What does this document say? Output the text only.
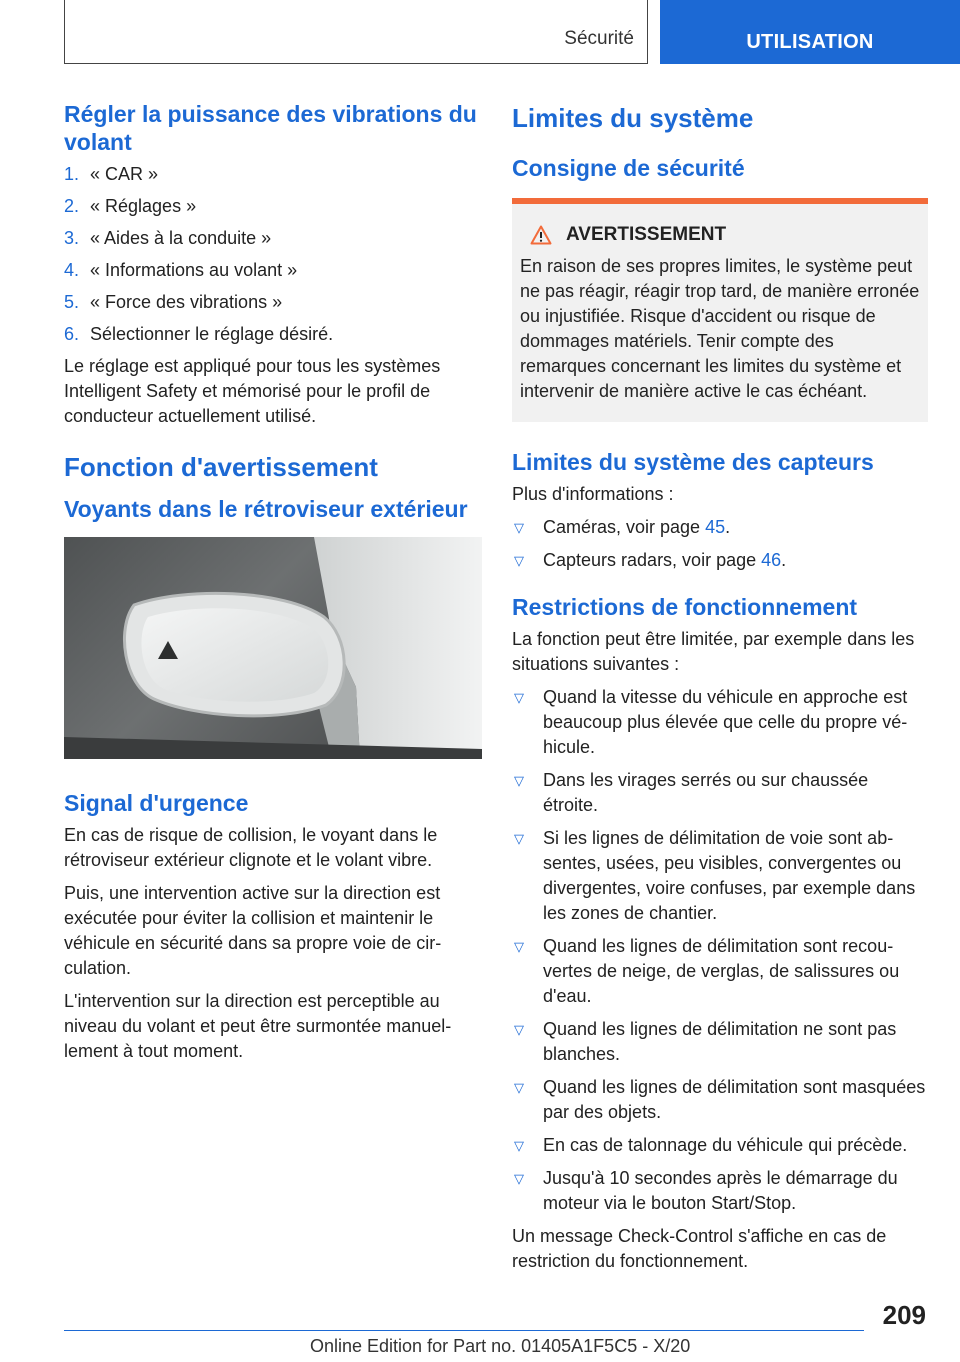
Sécurité	UTILISATION
Régler la puissance des vibrations du volant
1. « CAR »
2. « Réglages »
3. « Aides à la conduite »
4. « Informations au volant »
5. « Force des vibrations »
6. Sélectionner le réglage désiré.

Le réglage est appliqué pour tous les systèmes Intelligent Safety et mémorisé pour le profil de conducteur actuellement utilisé.

Fonction d'avertissement
Voyants dans le rétroviseur extérieur
Signal d'urgence

En cas de risque de collision, le voyant dans le rétroviseur extérieur clignote et le volant vibre.

Puis, une intervention active sur la direction est exécutée pour éviter la collision et maintenir le véhicule en sécurité dans sa propre voie de circulation.

L'intervention sur la direction est perceptible au niveau du volant et peut être surmontée manuellement à tout moment.

Limites du système
Consigne de sécurité
AVERTISSEMENT
En raison de ses propres limites, le système peut ne pas réagir, réagir trop tard, de manière erronée ou injustifiée. Risque d'accident ou risque de dommages matériels. Tenir compte des remarques concernant les limites du système et intervenir de manière active le cas échéant.
Limites du système des capteurs

Plus d'informations :

▽	Caméras, voir page 45.
▽	Capteurs radars, voir page 46.
Restrictions de fonctionnement

La fonction peut être limitée, par exemple dans les situations suivantes :

▽	Quand la vitesse du véhicule en approche est beaucoup plus élevée que celle du propre véhicule.
▽	Dans les virages serrés ou sur chaussée étroite.
▽	Si les lignes de délimitation de voie sont absentes, usées, peu visibles, convergentes ou divergentes, voire confuses, par exemple dans les zones de chantier.
▽	Quand les lignes de délimitation sont recouvertes de neige, de verglas, de salissures ou d'eau.
▽	Quand les lignes de délimitation ne sont pas blanches.
▽	Quand les lignes de délimitation sont masquées par des objets.
▽	En cas de talonnage du véhicule qui précède.
▽	Jusqu'à 10 secondes après le démarrage du moteur via le bouton Start/Stop.

Un message Check-Control s'affiche en cas de restriction du fonctionnement.

209
Online Edition for Part no. 01405A1F5C5 - X/20
